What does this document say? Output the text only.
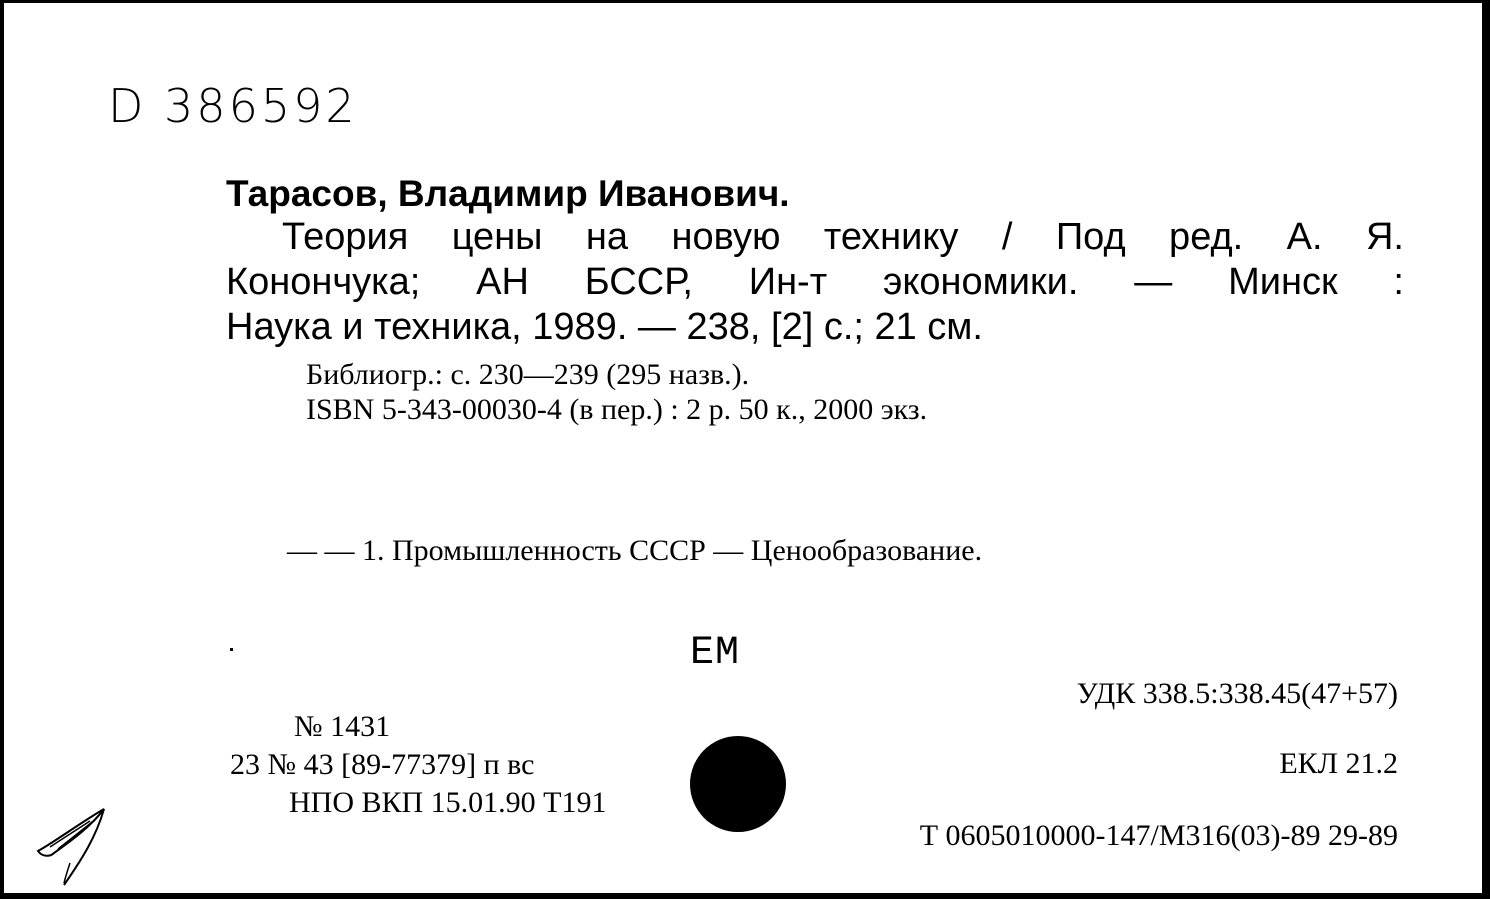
D 386592
Тарасов, Владимир Иванович.
Теория цены на новую технику / Под ред. А. Я.
Конончука; АН БССР, Ин-т экономики. — Минск :
Наука и техника, 1989. — 238, [2] с.; 21 см.
Библиогр.: с. 230—239 (295 назв.).
ISBN 5-343-00030-4 (в пер.) : 2 р. 50 к., 2000 экз.
— — 1. Промышленность СССР — Ценообразование.
ЕМ
УДК 338.5:338.45(47+57)
№ 1431
23 № 43 [89-77379] п вс	ЕКЛ 21.2
НПО ВКП 15.01.90 Т191
Т 0605010000-147/М316(03)-89 29-89
